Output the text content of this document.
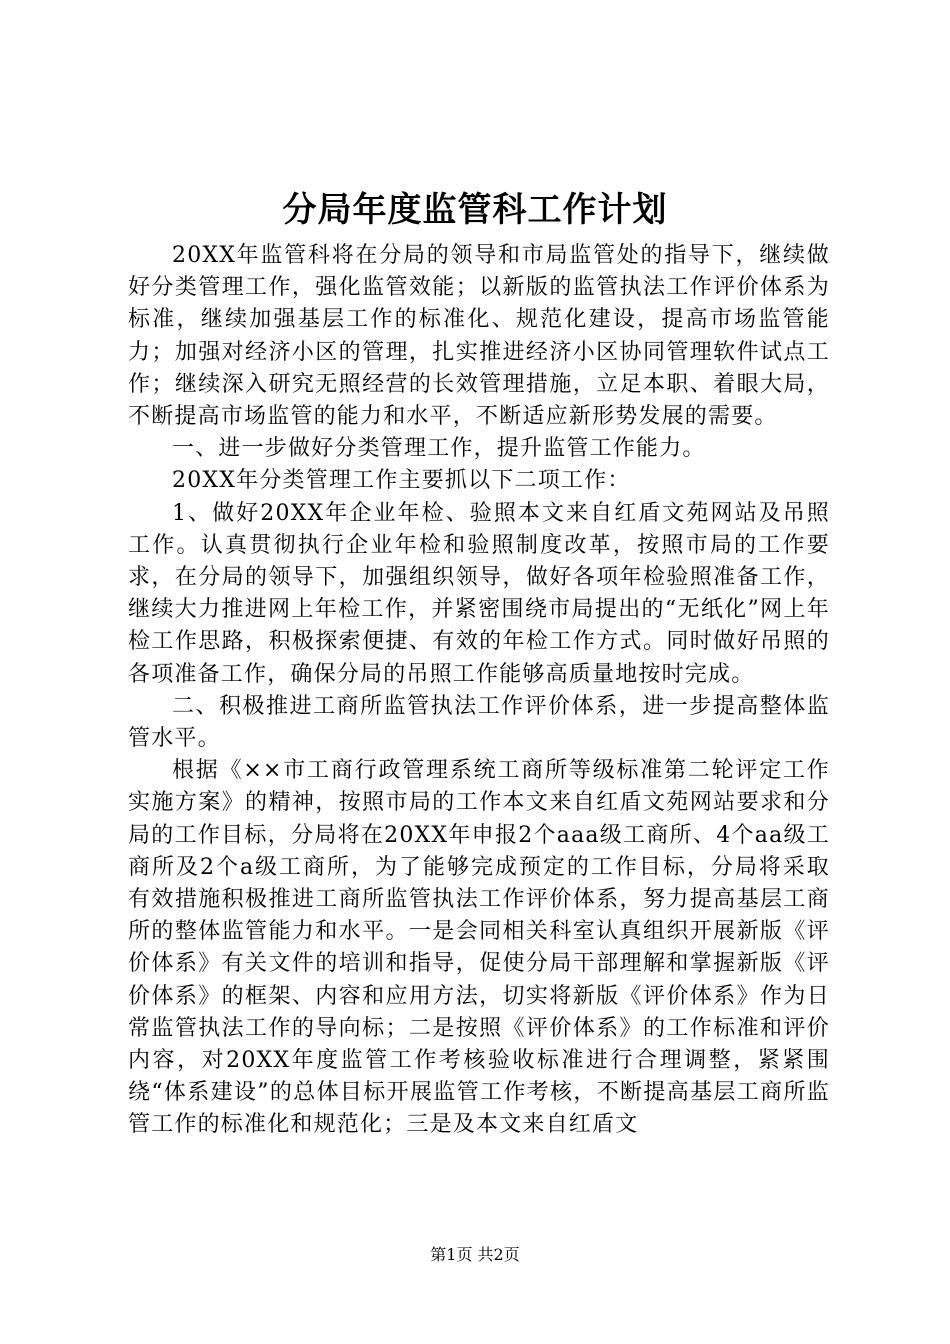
分局年度监管科工作计划

20XX年监管科将在分局的领导和市局监管处的指导下，继续做好分类管理工作，强化监管效能；以新版的监管执法工作评价体系为标准，继续加强基层工作的标准化、规范化建设，提高市场监管能力；加强对经济小区的管理，扎实推进经济小区协同管理软件试点工作；继续深入研究无照经营的长效管理措施，立足本职、着眼大局，不断提高市场监管的能力和水平，不断适应新形势发展的需要。

一、进一步做好分类管理工作，提升监管工作能力。

20XX年分类管理工作主要抓以下二项工作：

1、做好20XX年企业年检、验照本文来自红盾文苑网站及吊照工作。认真贯彻执行企业年检和验照制度改革，按照市局的工作要求，在分局的领导下，加强组织领导，做好各项年检验照准备工作，继续大力推进网上年检工作，并紧密围绕市局提出的“无纸化”网上年检工作思路，积极探索便捷、有效的年检工作方式。同时做好吊照的各项准备工作，确保分局的吊照工作能够高质量地按时完成。

二、积极推进工商所监管执法工作评价体系，进一步提高整体监管水平。

根据《××市工商行政管理系统工商所等级标准第二轮评定工作实施方案》的精神，按照市局的工作本文来自红盾文苑网站要求和分局的工作目标，分局将在20XX年申报2个aaa级工商所、4个aa级工商所及2个a级工商所，为了能够完成预定的工作目标，分局将采取有效措施积极推进工商所监管执法工作评价体系，努力提高基层工商所的整体监管能力和水平。一是会同相关科室认真组织开展新版《评价体系》有关文件的培训和指导，促使分局干部理解和掌握新版《评价体系》的框架、内容和应用方法，切实将新版《评价体系》作为日常监管执法工作的导向标；二是按照《评价体系》的工作标准和评价内容，对20XX年度监管工作考核验收标准进行合理调整，紧紧围绕“体系建设”的总体目标开展监管工作考核，不断提高基层工商所监管工作的标准化和规范化；三是及本文来自红盾文

第1页 共2页
